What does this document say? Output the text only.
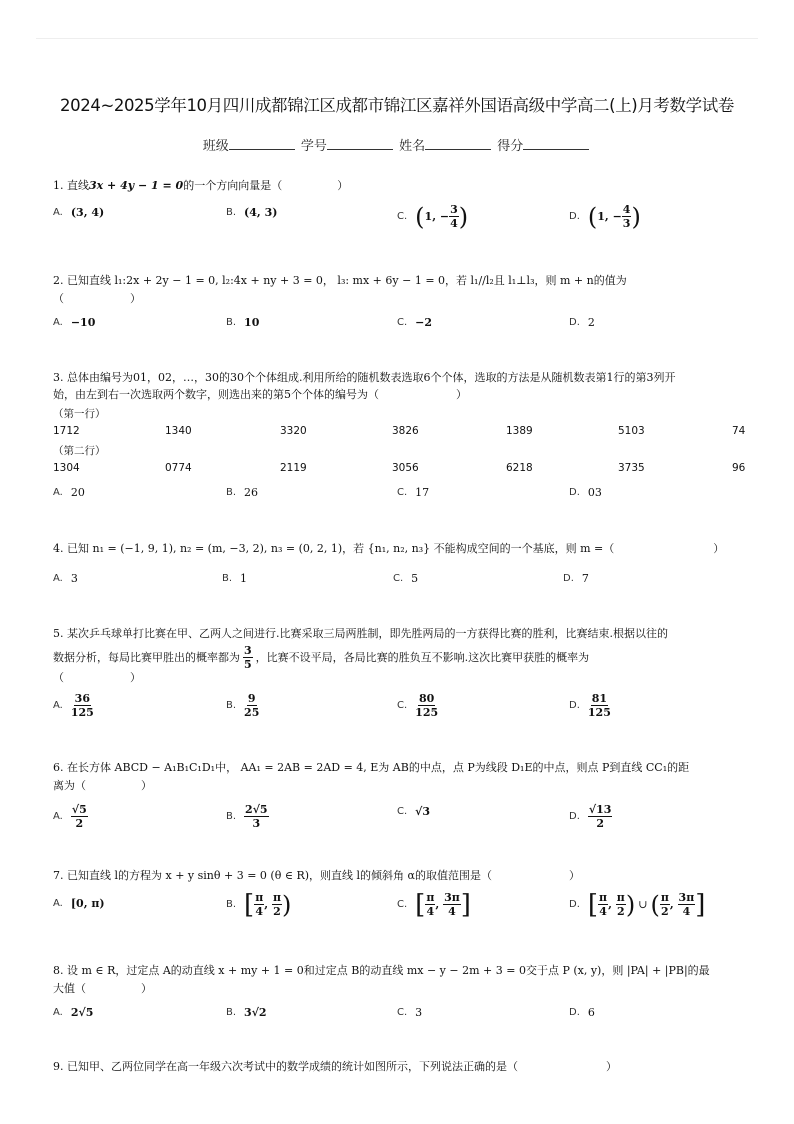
2024~2025学年10月四川成都锦江区成都市锦江区嘉祥外国语高级中学高二(上)月考数学试卷
班级	学号	姓名	得分
1. 直线3x + 4y − 1 = 0的一个方向向量是（　　　　　）
A. (3, 4)	B. (4, 3)	C. ( 1, − $\frac{3}{4}$ )	D. ( 1, − $\frac{4}{3}$ )
2. 已知直线 l₁:2x + 2y − 1 = 0, l₂:4x + ny + 3 = 0， l₃: mx + 6y − 1 = 0，若 l₁//l₂且 l₁⊥l₃，则 m + n的值为
（　　　　　　）
A. −10	B. 10	C. −2	D. 2
3. 总体由编号为01，02，…，30的30个个体组成.利用所给的随机数表选取6个个体，选取的方法是从随机数表第1行的第3列开
始，由左到右一次选取两个数字，则选出来的第5个个体的编号为（　　　　　　　）
（第一行）
1712	1340	3320	3826	1389	5103	74
（第二行）
1304	0774	2119	3056	6218	3735	96
A. 20	B. 26	C. 17	D. 03
4. 已知 n₁ = (−1, 9, 1), n₂ = (m, −3, 2), n₃ = (0, 2, 1)，若 {n₁, n₂, n₃} 不能构成空间的一个基底，则 m =（　　　　　　　　　）
A. 3	B. 1	C. 5	D. 7
5. 某次乒乓球单打比赛在甲、乙两人之间进行.比赛采取三局两胜制，即先胜两局的一方获得比赛的胜利，比赛结束.根据以往的
数据分析，每局比赛甲胜出的概率都为 $\frac{3}{5}$ ，比赛不设平局，各局比赛的胜负互不影响.这次比赛甲获胜的概率为
（　　　　　　）
A. $\frac{36}{125}$	B. $\frac{9}{25}$	C. $\frac{80}{125}$	D. $\frac{81}{125}$
6. 在长方体 ABCD − A₁B₁C₁D₁中， AA₁ = 2AB = 2AD = 4, E为 AB的中点，点 P为线段 D₁E的中点，则点 P到直线 CC₁的距
离为（　　　　　）
A. $\frac{√5}{2}$	B. $\frac{2√5}{3}$	C. √3	D. $\frac{√13}{2}$
7. 已知直线 l的方程为 x + y sinθ + 3 = 0 (θ ∈ R)，则直线 l的倾斜角 α的取值范围是（　　　　　　　）
A. [0, π)	B. [ $\frac{\pi}{4}$ , $\frac{\pi}{2}$ )	C. [ $\frac{\pi}{4}$ , $\frac{3\pi}{4}$ ]	D. [ $\frac{\pi}{4}$ , $\frac{\pi}{2}$ ) ∪ ( $\frac{\pi}{2}$ , $\frac{3\pi}{4}$ ]
8. 设 m ∈ R，过定点 A的动直线 x + my + 1 = 0和过定点 B的动直线 mx − y − 2m + 3 = 0交于点 P (x, y)，则 |PA| + |PB|的最
大值（　　　　　）
A. 2√5	B. 3√2	C. 3	D. 6
9. 已知甲、乙两位同学在高一年级六次考试中的数学成绩的统计如图所示，下列说法正确的是（　　　　　　　　）
